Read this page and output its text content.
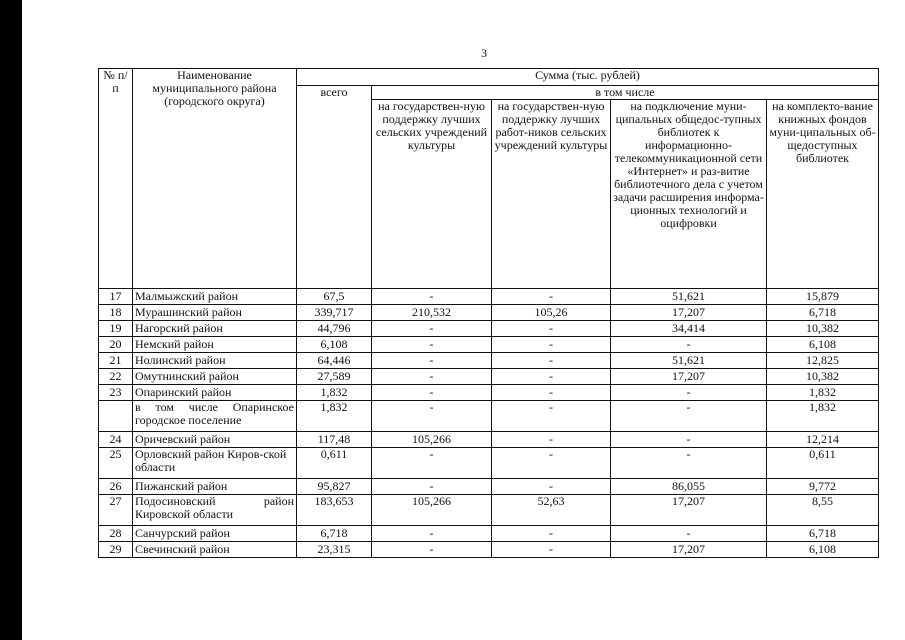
3
№ п/п	Наименование муниципального района (городского округа)	Сумма (тыс. рублей)				
		всего	в том числе			
			на государствен-ную поддержку лучших сельских учреждений культуры	на государствен-ную поддержку лучших работ-ников сельских учреждений культуры	на подключение муни-ципальных общедос-тупных библиотек к информационно-телекоммуникационной сети «Интернет» и раз-витие библиотечного дела с учетом задачи расширения информа-ционных технологий и оцифровки	на комплекто-вание книжных фондов муни-ципальных об-щедоступных библиотек
17	Малмыжский район	67,5	-	-	51,621	15,879
18	Мурашинский район	339,717	210,532	105,26	17,207	6,718
19	Нагорский район	44,796	-	-	34,414	10,382
20	Немский район	6,108	-	-	-	6,108
21	Нолинский район	64,446	-	-	51,621	12,825
22	Омутнинский район	27,589	-	-	17,207	10,382
23	Опаринский район	1,832	-	-	-	1,832
	в том числе Опаринское городское поселение	1,832	-	-	-	1,832
24	Оричевский район	117,48	105,266	-	-	12,214
25	Орловский район Киров-ской области	0,611	-	-	-	0,611
26	Пижанский район	95,827	-	-	86,055	9,772
27	Подосиновский район Кировской области	183,653	105,266	52,63	17,207	8,55
28	Санчурский район	6,718	-	-	-	6,718
29	Свечинский район	23,315	-	-	17,207	6,108
